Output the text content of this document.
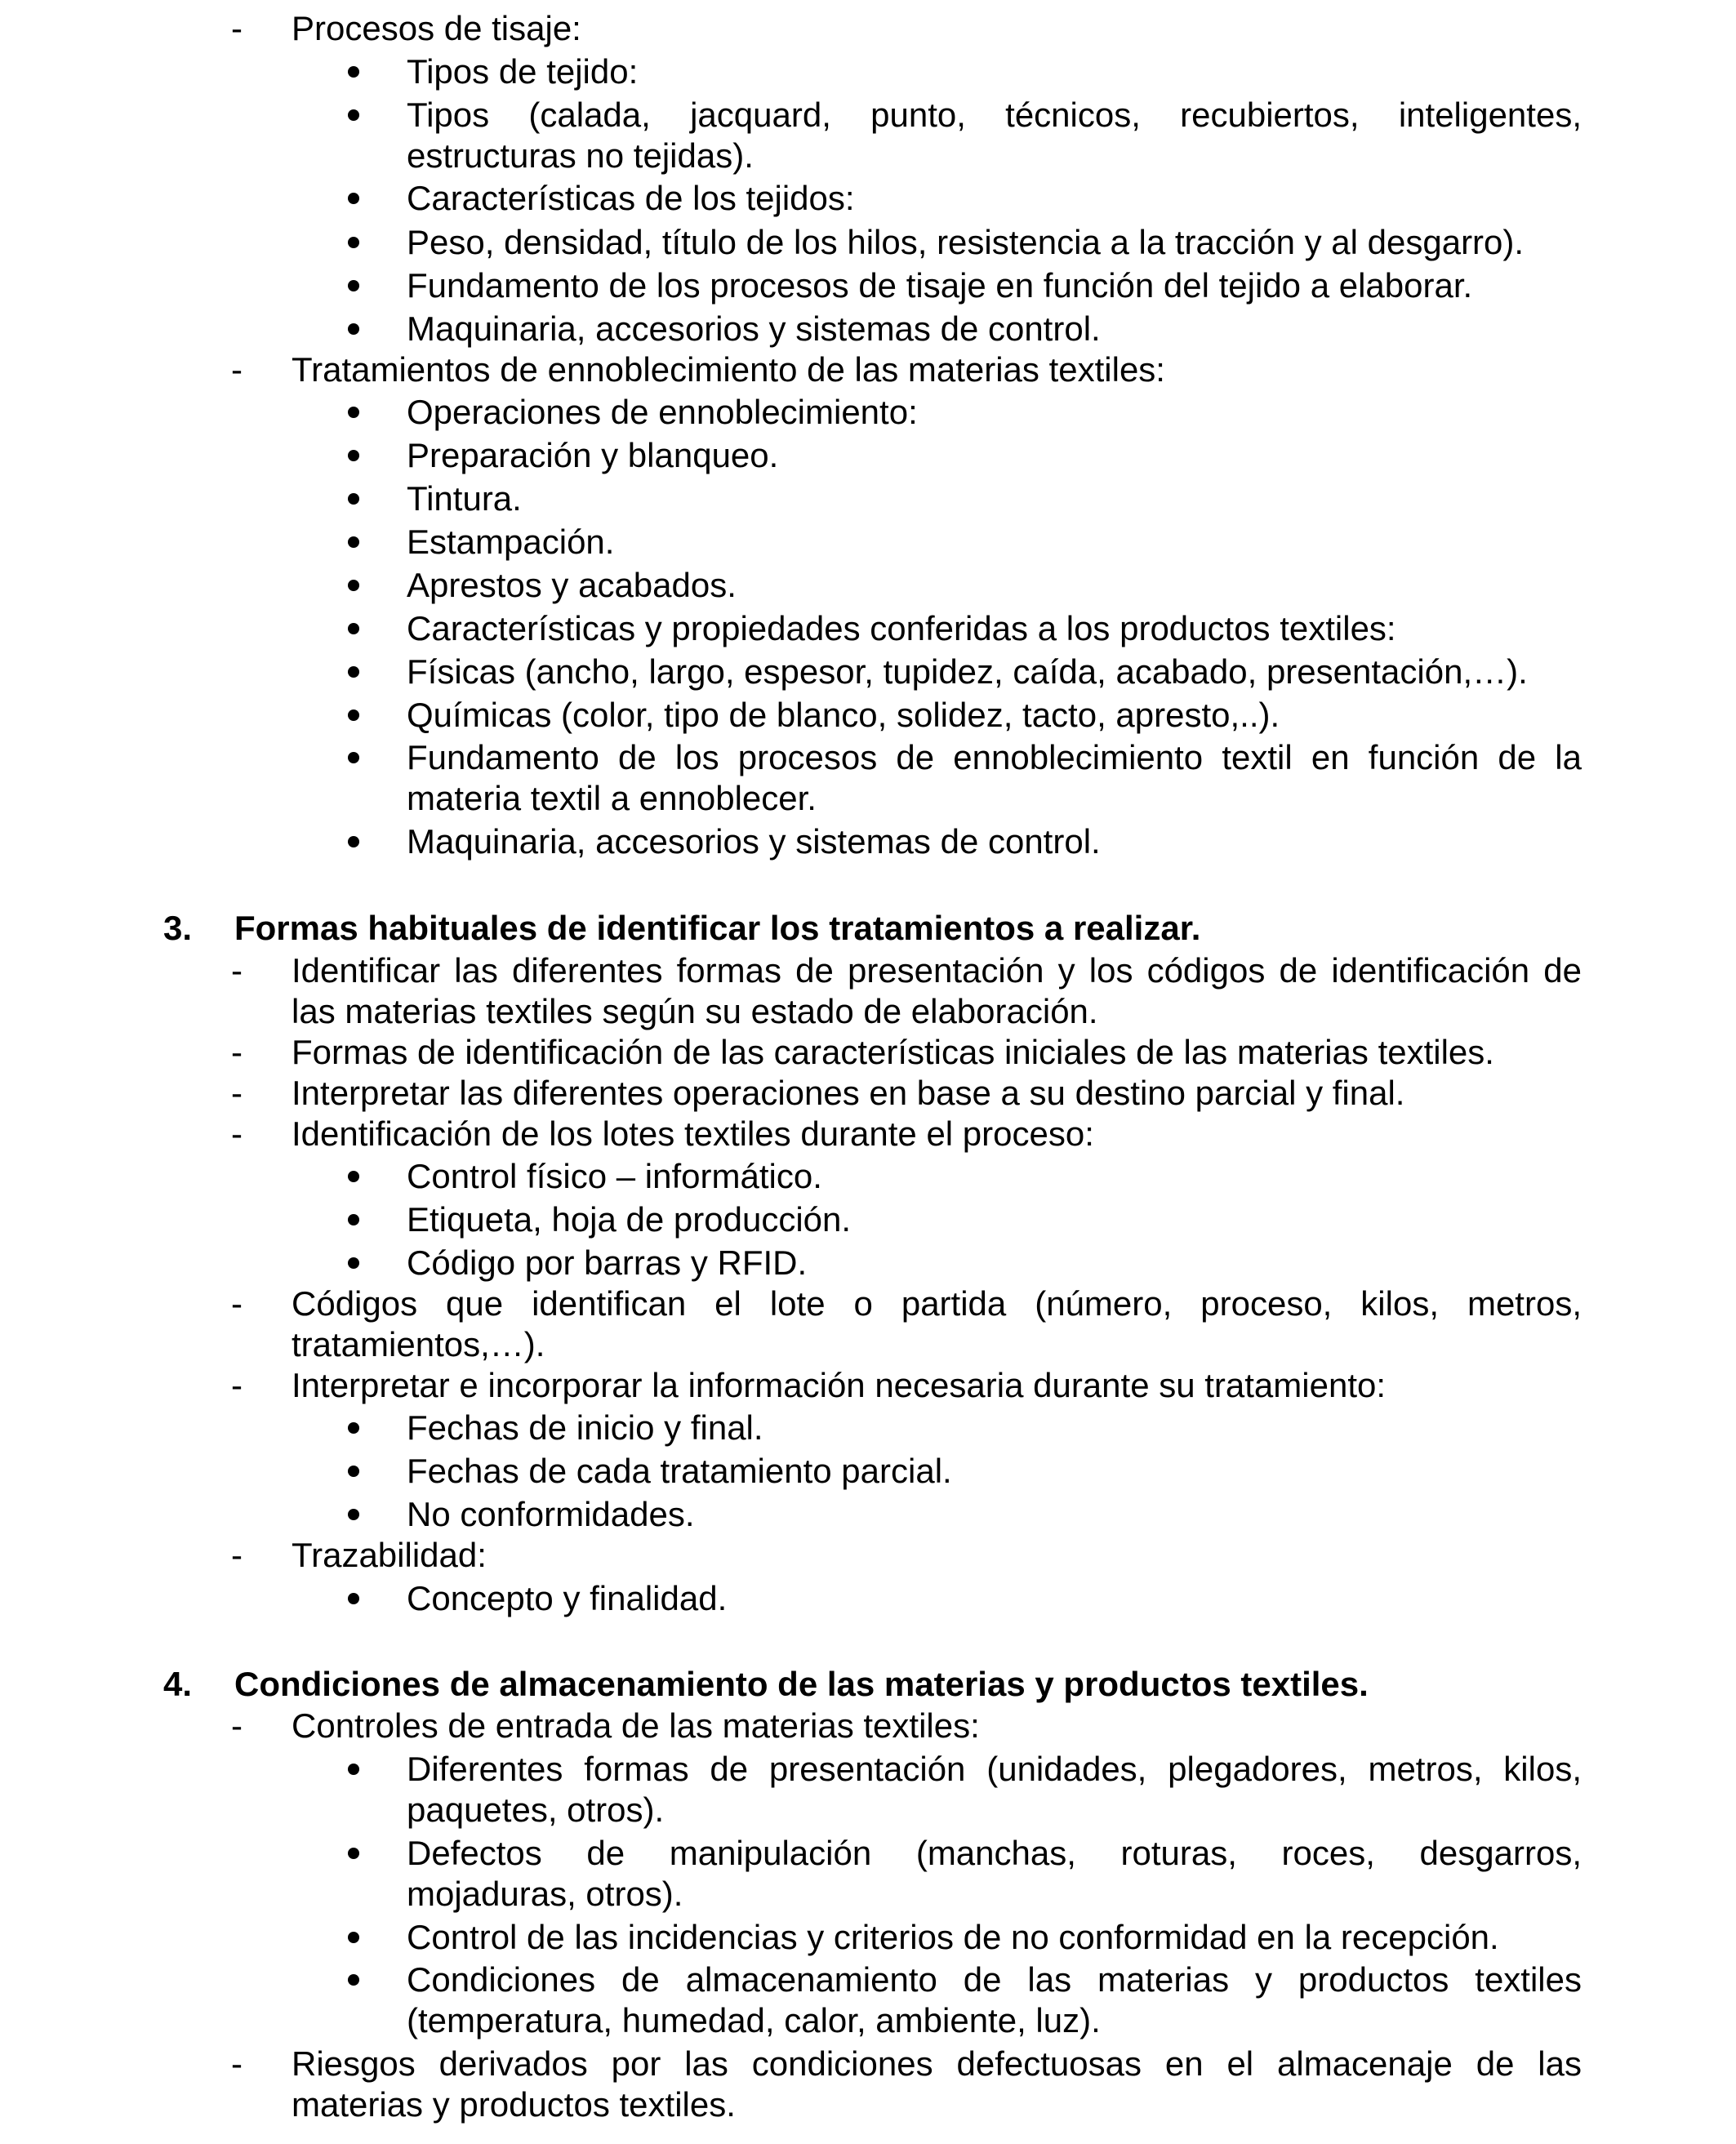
- Procesos de tisaje:
Tipos de tejido:
Tipos (calada, jacquard, punto, técnicos, recubiertos, inteligentes,
estructuras no tejidas).
Características de los tejidos:
Peso, densidad, título de los hilos, resistencia a la tracción y al desgarro).
Fundamento de los procesos de tisaje en función del tejido a elaborar.
Maquinaria, accesorios y sistemas de control.
- Tratamientos de ennoblecimiento de las materias textiles:
Operaciones de ennoblecimiento:
Preparación y blanqueo.
Tintura.
Estampación.
Aprestos y acabados.
Características y propiedades conferidas a los productos textiles:
Físicas (ancho, largo, espesor, tupidez, caída, acabado, presentación,…).
Químicas (color, tipo de blanco, solidez, tacto, apresto,..).
Fundamento de los procesos de ennoblecimiento textil en función de la
materia textil a ennoblecer.
Maquinaria, accesorios y sistemas de control.
3. Formas habituales de identificar los tratamientos a realizar.
- Identificar las diferentes formas de presentación y los códigos de identificación de
las materias textiles según su estado de elaboración.
- Formas de identificación de las características iniciales de las materias textiles.
- Interpretar las diferentes operaciones en base a su destino parcial y final.
- Identificación de los lotes textiles durante el proceso:
Control físico – informático.
Etiqueta, hoja de producción.
Código por barras y RFID.
- Códigos que identifican el lote o partida (número, proceso, kilos, metros,
tratamientos,…).
- Interpretar e incorporar la información necesaria durante su tratamiento:
Fechas de inicio y final.
Fechas de cada tratamiento parcial.
No conformidades.
- Trazabilidad:
Concepto y finalidad.
4. Condiciones de almacenamiento de las materias y productos textiles.
- Controles de entrada de las materias textiles:
Diferentes formas de presentación (unidades, plegadores, metros, kilos,
paquetes, otros).
Defectos de manipulación (manchas, roturas, roces, desgarros,
mojaduras, otros).
Control de las incidencias y criterios de no conformidad en la recepción.
Condiciones de almacenamiento de las materias y productos textiles
(temperatura, humedad, calor, ambiente, luz).
- Riesgos derivados por las condiciones defectuosas en el almacenaje de las
materias y productos textiles.
